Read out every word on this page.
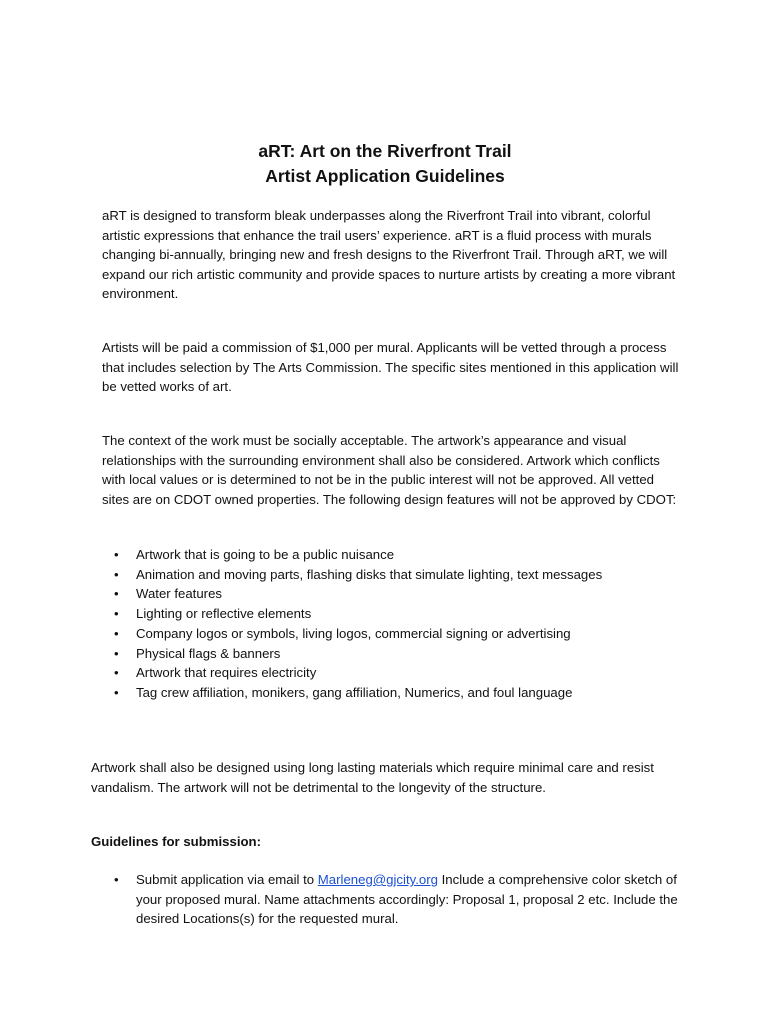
aRT: Art on the Riverfront Trail
Artist Application Guidelines

aRT is designed to transform bleak underpasses along the Riverfront Trail into vibrant, colorful artistic expressions that enhance the trail users’ experience. aRT is a fluid process with murals changing bi-annually, bringing new and fresh designs to the Riverfront Trail. Through aRT, we will expand our rich artistic community and provide spaces to nurture artists by creating a more vibrant environment.

Artists will be paid a commission of $1,000 per mural. Applicants will be vetted through a process that includes selection by The Arts Commission. The specific sites mentioned in this application will be vetted works of art.

The context of the work must be socially acceptable. The artwork’s appearance and visual relationships with the surrounding environment shall also be considered. Artwork which conflicts with local values or is determined to not be in the public interest will not be approved. All vetted sites are on CDOT owned properties. The following design features will not be approved by CDOT:

• Artwork that is going to be a public nuisance
• Animation and moving parts, flashing disks that simulate lighting, text messages
• Water features
• Lighting or reflective elements
• Company logos or symbols, living logos, commercial signing or advertising
• Physical flags & banners
• Artwork that requires electricity
• Tag crew affiliation, monikers, gang affiliation, Numerics, and foul language

Artwork shall also be designed using long lasting materials which require minimal care and resist vandalism. The artwork will not be detrimental to the longevity of the structure.

Guidelines for submission:
• Submit application via email to Marleneg@gjcity.org Include a comprehensive color sketch of your proposed mural. Name attachments accordingly: Proposal 1, proposal 2 etc. Include the desired Locations(s) for the requested mural.
